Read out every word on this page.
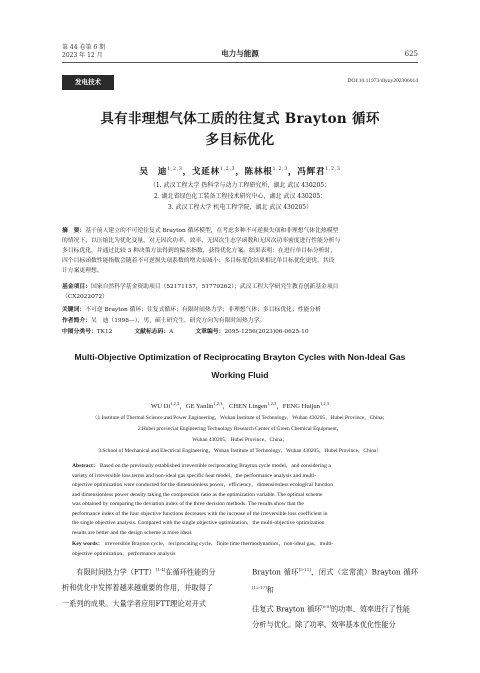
第 44 卷第 6 期
2023 年 12 月	电力与能源	625
发电技术	DOI:10.11973/dlyny202306014
具有非理想气体工质的往复式 Brayton 循环
多目标优化
吴　迪$^{1,2,3}$，戈延林$^{1,2,3}$，陈林根$^{1,2,3}$，冯辉君$^{1,2,3}$
（1. 武汉工程大学 热科学与动力工程研究所，湖北 武汉 430205；
2. 湖北省绿色化工装备工程技术研究中心，湖北 武汉 430205；
3. 武汉工程大学 机电工程学院，湖北 武汉 430205）
摘　要：基于前人建立的不可逆往复式 Brayton 循环模型，在考虑多种不可逆损失项和非理想气体比热模型
的情况下，以压缩比为优化变量，对无因次功率、效率、无因次生态学函数和无因次功率密度进行性能分析与
多目标优化，并通过比较 3 种决策方法得到的偏差指数，获得优化方案。结果表明：在进行单目标分析时，
四个目标函数性能指数会随着不可逆损失项系数的增大而减小；多目标优化结果相比单目标优化更优，其设
计方案更理想。
基金项目：国家自然科学基金资助项目（52171157，51779262）；武汉工程大学研究生教育创新基金项目
（CX2022072）
关键词：不可逆 Brayton 循环；往复式循环；有限时间热力学；非理想气体；多目标优化；性能分析
作者简介：吴　迪（1998—），男，硕士研究生，研究方向为有限时间热力学。
中图分类号：TK12	文献标志码：A	文章编号：2095-1256(2023)06-0625-10
Multi-Objective Optimization of Reciprocating Brayton Cycles with Non-Ideal Gas
Working Fluid
WU Di$^{1,2,3}$，GE Yanlin$^{1,2,3}$，CHEN Lingen$^{1,2,3}$，FENG Huijun$^{1,2,3}$
（1.Institute of Thermal Science and Power Engineering，Wuhan Institute of Technology，Wuhan 430205，Hubei Province，China；
2.Hubei provincial Engineering Technology Research Center of Green Chemical Equipment，
Wuhan 430205，Hubei Province，China；
3.School of Mechanical and Electrical Engineering，Wuhan Institute of Technology，Wuhan 430205，Hubei Province，China）
Abstract： Based on the previously established irreversible reciprocating Brayton cycle model，and considering a
variety of irreversible loss terms and non-ideal gas specific heat model，the performance analysis and multi-
objective optimization were conducted for the dimensionless power，efficiency，dimensionless ecological function
and dimensionless power density taking the compression ratio as the optimization variable. The optimal scheme
was obtained by comparing the deviation index of the three decision methods. The results show that the
performance index of the four objective functions decreases with the increase of the irreversible loss coefficient in
the single objective analysis. Compared with the single objective optimization，the multi-objective optimization
results are better and the design scheme is more ideal.
Key words： irreversible Brayton cycle，reciprocating cycle，finite time thermodynamics，non-ideal gas，multi-
objective optimization，performance analysis
　　有限时间热力学（FTT）[1-4]在循环性能的分
析和优化中发挥着越来越重要的作用，并取得了
一系列的成果。大量学者应用FTT理论对开式
Brayton 循环[5-11]，闭式（定常流）Brayton 循环[12-17]和
往复式 Brayton 循环[6-8]的功率、效率进行了性能
分析与优化。除了功率、效率基本优化性能分
